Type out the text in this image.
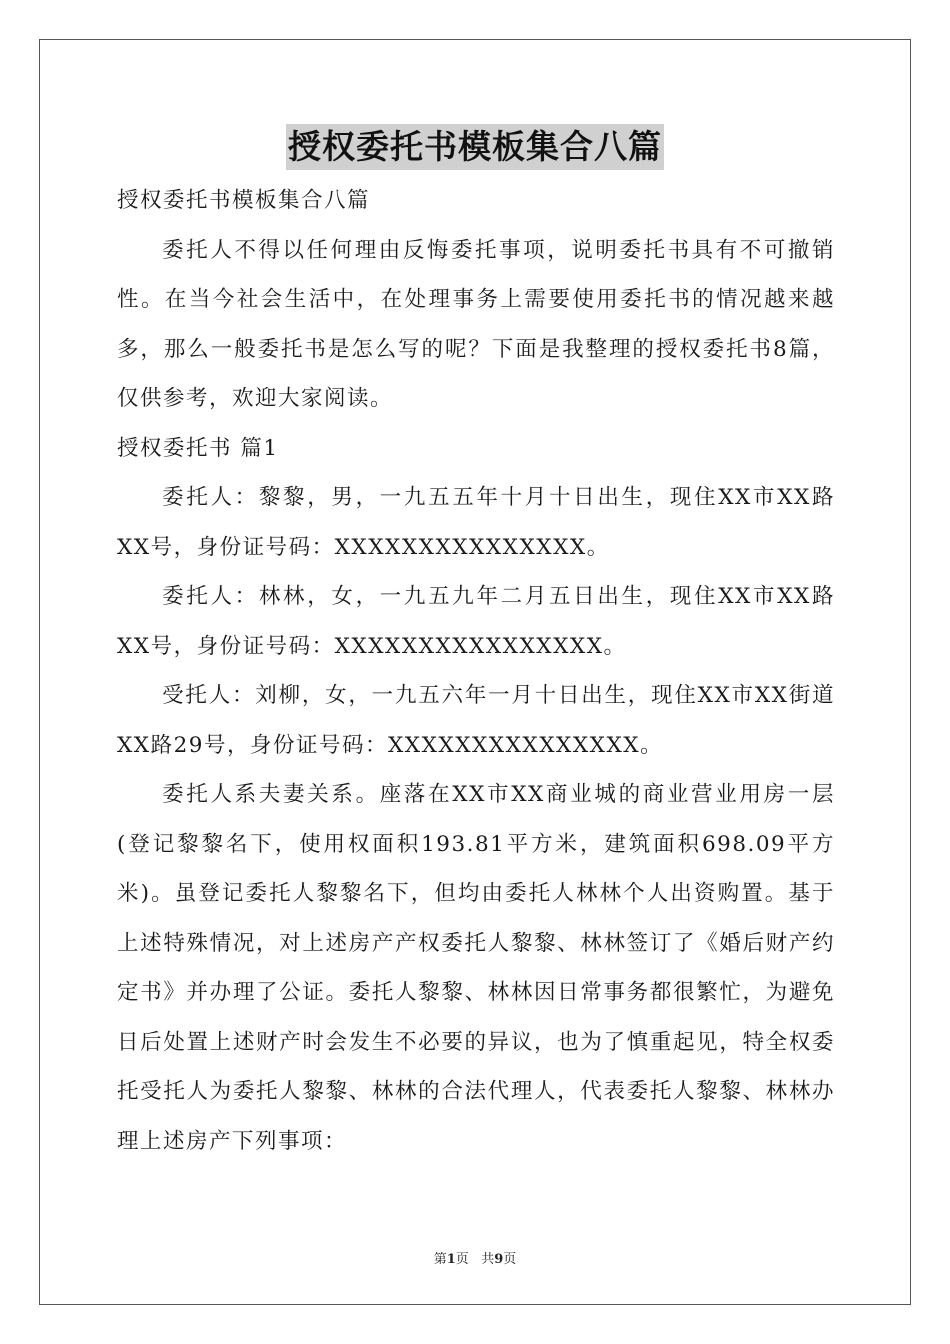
授权委托书模板集合八篇

授权委托书模板集合八篇

委托人不得以任何理由反悔委托事项，说明委托书具有不可撤销性。在当今社会生活中，在处理事务上需要使用委托书的情况越来越多，那么一般委托书是怎么写的呢？下面是我整理的授权委托书8篇，仅供参考，欢迎大家阅读。

授权委托书 篇1

委托人：黎黎，男，一九五五年十月十日出生，现住XX市XX路XX号，身份证号码：XXXXXXXXXXXXXXX。

委托人：林林，女，一九五九年二月五日出生，现住XX市XX路XX号，身份证号码：XXXXXXXXXXXXXXXX。

受托人：刘柳，女，一九五六年一月十日出生，现住XX市XX街道XX路29号，身份证号码：XXXXXXXXXXXXXXX。

委托人系夫妻关系。座落在XX市XX商业城的商业营业用房一层(登记黎黎名下，使用权面积193.81平方米，建筑面积698.09平方米)。虽登记委托人黎黎名下，但均由委托人林林个人出资购置。基于上述特殊情况，对上述房产产权委托人黎黎、林林签订了《婚后财产约定书》并办理了公证。委托人黎黎、林林因日常事务都很繁忙，为避免日后处置上述财产时会发生不必要的异议，也为了慎重起见，特全权委托受托人为委托人黎黎、林林的合法代理人，代表委托人黎黎、林林办理上述房产下列事项：

第1页 共9页
